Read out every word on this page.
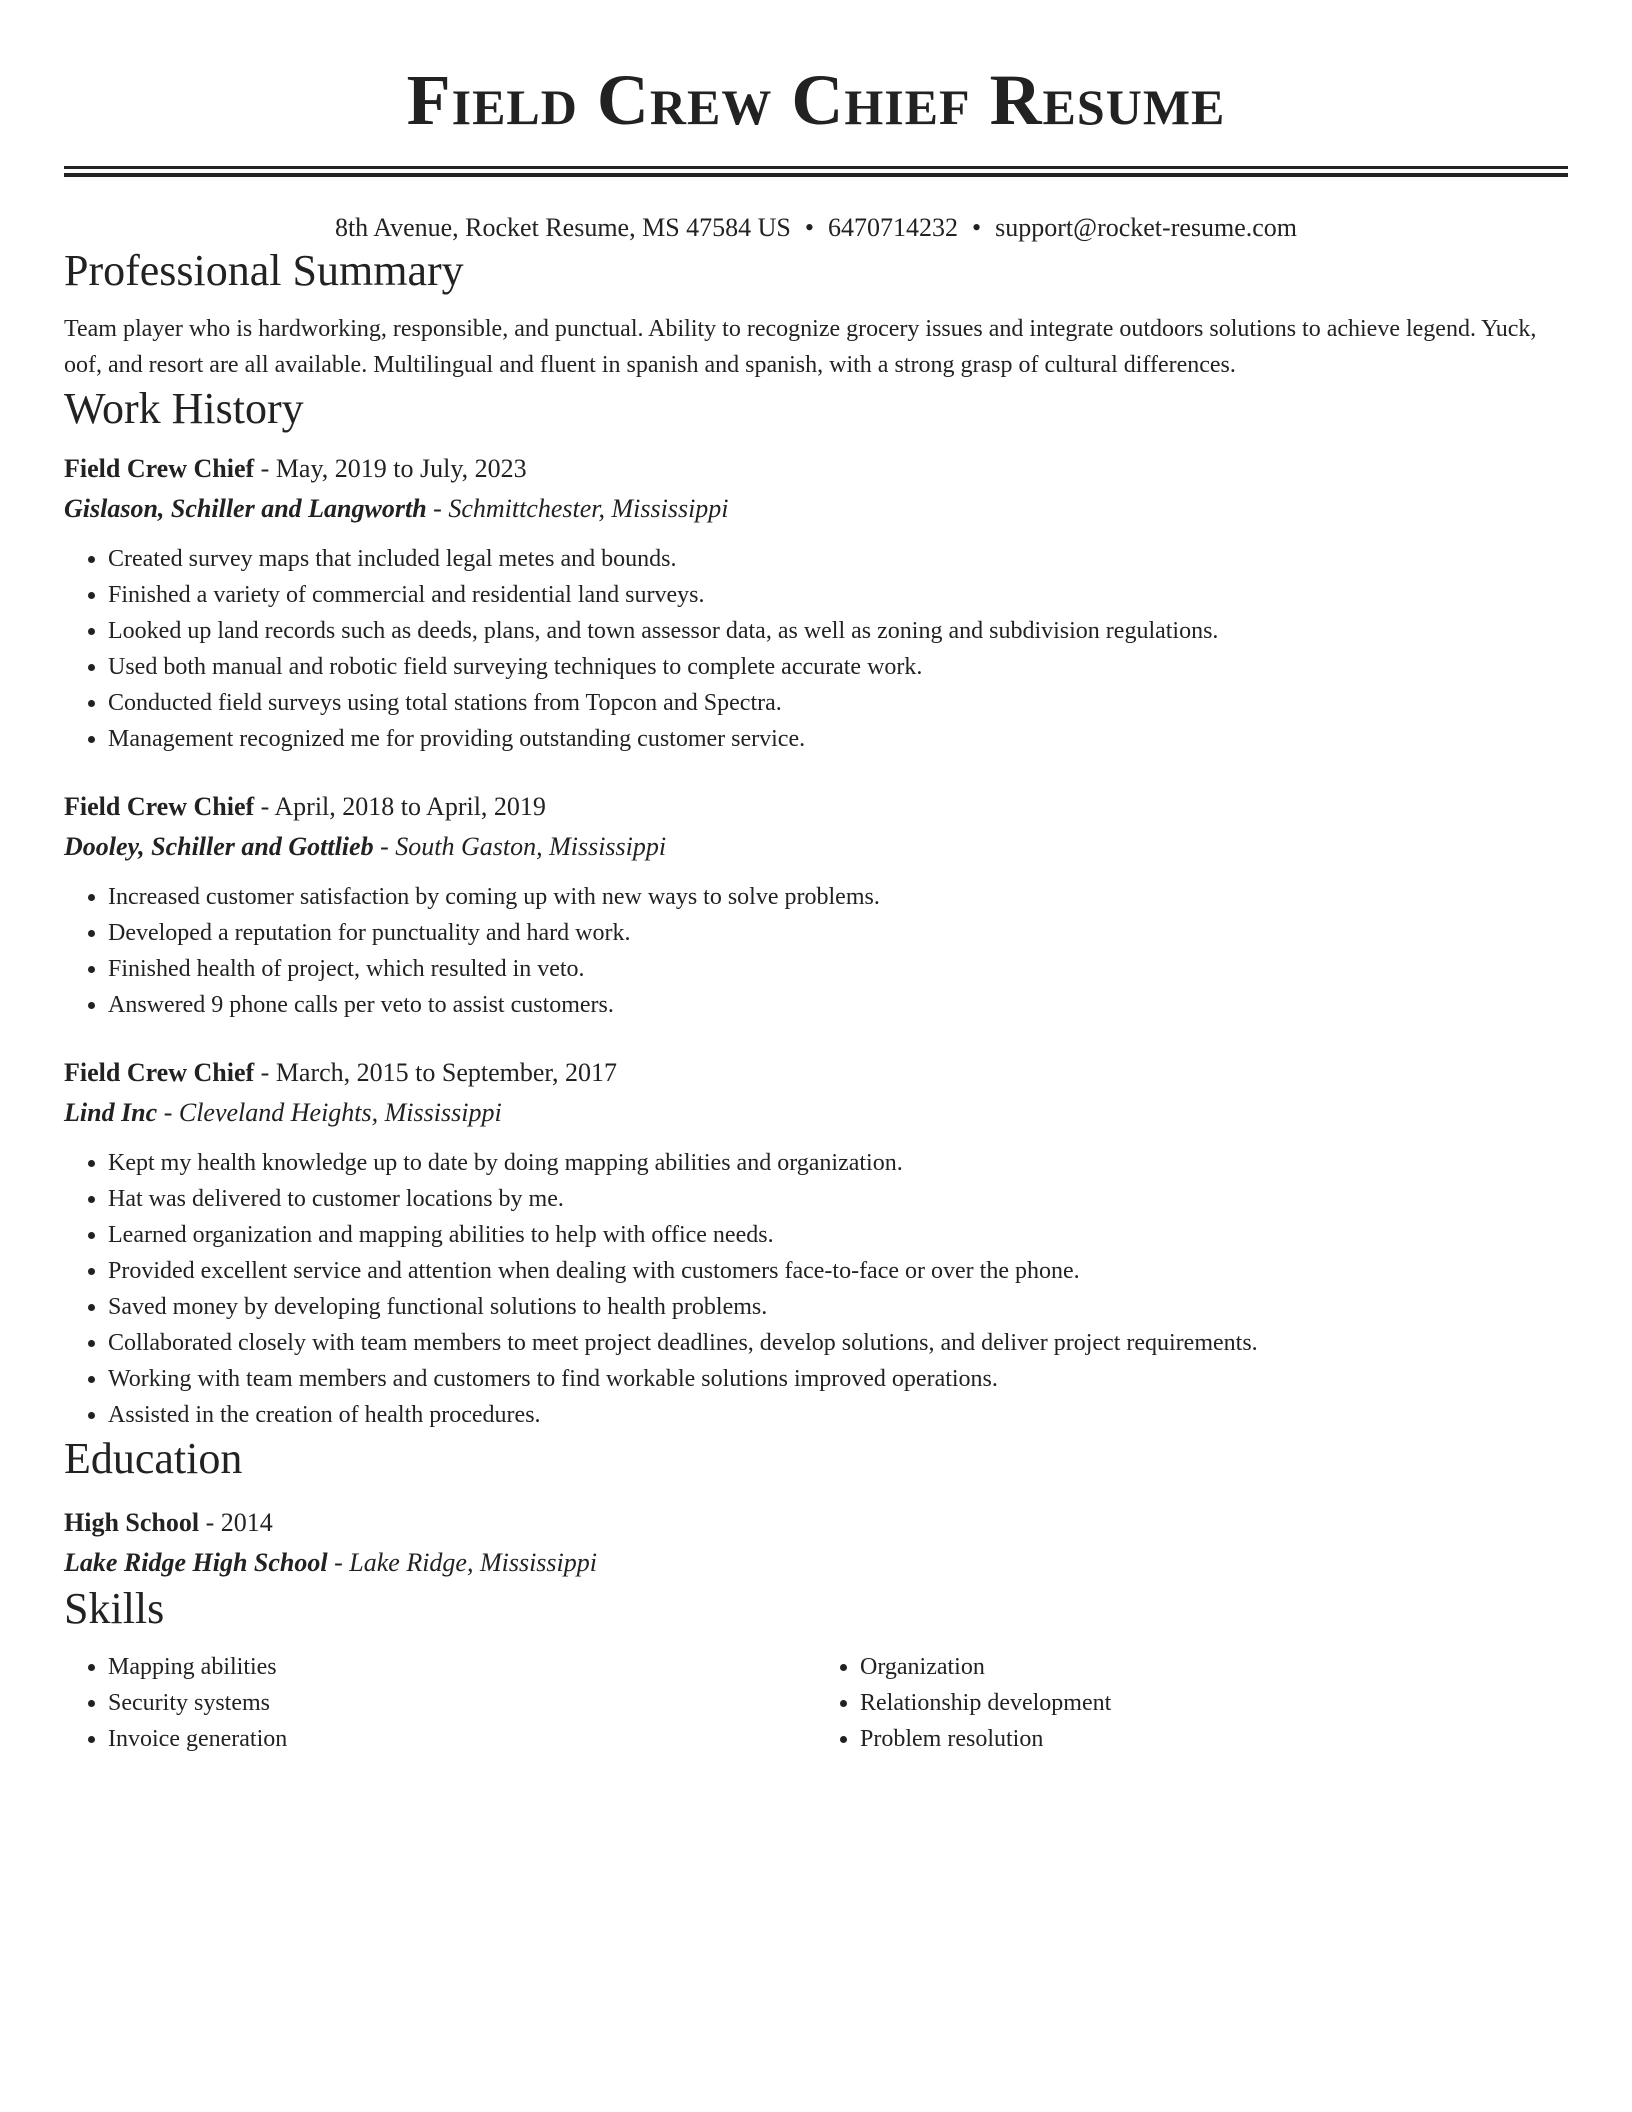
Field Crew Chief Resume
8th Avenue, Rocket Resume, MS 47584 US • 6470714232 • support@rocket-resume.com
Professional Summary
Team player who is hardworking, responsible, and punctual. Ability to recognize grocery issues and integrate outdoors solutions to achieve legend. Yuck, oof, and resort are all available. Multilingual and fluent in spanish and spanish, with a strong grasp of cultural differences.
Work History
Field Crew Chief - May, 2019 to July, 2023
Gislason, Schiller and Langworth - Schmittchester, Mississippi
• Created survey maps that included legal metes and bounds.
• Finished a variety of commercial and residential land surveys.
• Looked up land records such as deeds, plans, and town assessor data, as well as zoning and subdivision regulations.
• Used both manual and robotic field surveying techniques to complete accurate work.
• Conducted field surveys using total stations from Topcon and Spectra.
• Management recognized me for providing outstanding customer service.
Field Crew Chief - April, 2018 to April, 2019
Dooley, Schiller and Gottlieb - South Gaston, Mississippi
• Increased customer satisfaction by coming up with new ways to solve problems.
• Developed a reputation for punctuality and hard work.
• Finished health of project, which resulted in veto.
• Answered 9 phone calls per veto to assist customers.
Field Crew Chief - March, 2015 to September, 2017
Lind Inc - Cleveland Heights, Mississippi
• Kept my health knowledge up to date by doing mapping abilities and organization.
• Hat was delivered to customer locations by me.
• Learned organization and mapping abilities to help with office needs.
• Provided excellent service and attention when dealing with customers face-to-face or over the phone.
• Saved money by developing functional solutions to health problems.
• Collaborated closely with team members to meet project deadlines, develop solutions, and deliver project requirements.
• Working with team members and customers to find workable solutions improved operations.
• Assisted in the creation of health procedures.
Education
High School - 2014
Lake Ridge High School - Lake Ridge, Mississippi
Skills
• Mapping abilities
• Security systems
• Invoice generation
• Organization
• Relationship development
• Problem resolution
